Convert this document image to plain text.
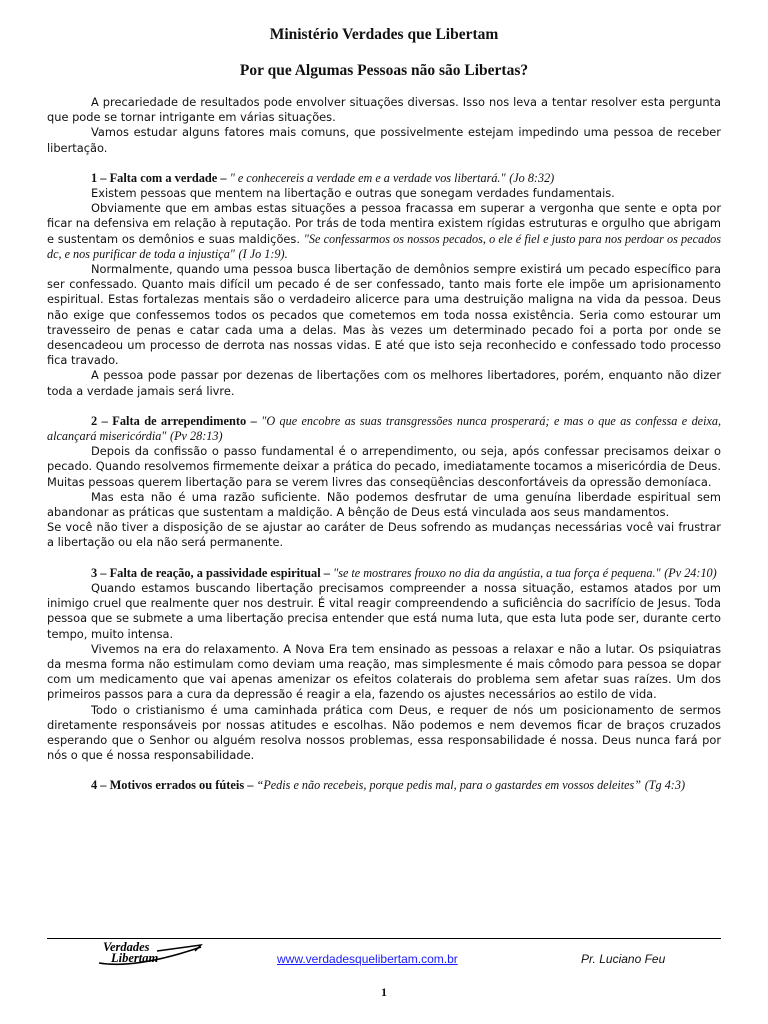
Ministério Verdades que Libertam
Por que Algumas Pessoas não são Libertas?

A precariedade de resultados pode envolver situações diversas. Isso nos leva a tentar resolver esta pergunta que pode se tornar intrigante em várias situações.

Vamos estudar alguns fatores mais comuns, que possivelmente estejam impedindo uma pessoa de receber libertação.

1 – Falta com a verdade – " e conhecereis a verdade em e a verdade vos libertará." (Jo 8:32)

Existem pessoas que mentem na libertação e outras que sonegam verdades fundamentais.

Obviamente que em ambas estas situações a pessoa fracassa em superar a vergonha que sente e opta por ficar na defensiva em relação à reputação. Por trás de toda mentira existem rígidas estruturas e orgulho que abrigam e sustentam os demônios e suas maldições. "Se confessarmos os nossos pecados, o ele é fiel e justo para nos perdoar os pecados dc, e nos purificar de toda a injustiça" (I Jo 1:9).

Normalmente, quando uma pessoa busca libertação de demônios sempre existirá um pecado específico para ser confessado. Quanto mais difícil um pecado é de ser confessado, tanto mais forte ele impõe um aprisionamento espiritual. Estas fortalezas mentais são o verdadeiro alicerce para uma destruição maligna na vida da pessoa. Deus não exige que confessemos todos os pecados que cometemos em toda nossa existência. Seria como estourar um travesseiro de penas e catar cada uma a delas. Mas às vezes um determinado pecado foi a porta por onde se desencadeou um processo de derrota nas nossas vidas. E até que isto seja reconhecido e confessado todo processo fica travado.

A pessoa pode passar por dezenas de libertações com os melhores libertadores, porém, enquanto não dizer toda a verdade jamais será livre.

2 – Falta de arrependimento – "O que encobre as suas transgressões nunca prosperará; e mas o que as confessa e deixa, alcançará misericórdia" (Pv 28:13)

Depois da confissão o passo fundamental é o arrependimento, ou seja, após confessar precisamos deixar o pecado. Quando resolvemos firmemente deixar a prática do pecado, imediatamente tocamos a misericórdia de Deus. Muitas pessoas querem libertação para se verem livres das conseqüências desconfortáveis da opressão demoníaca.

Mas esta não é uma razão suficiente. Não podemos desfrutar de uma genuína liberdade espiritual sem abandonar as práticas que sustentam a maldição. A bênção de Deus está vinculada aos seus mandamentos.

Se você não tiver a disposição de se ajustar ao caráter de Deus sofrendo as mudanças necessárias você vai frustrar a libertação ou ela não será permanente.

3 – Falta de reação, a passividade espiritual – "se te mostrares frouxo no dia da angústia, a tua força é pequena." (Pv 24:10)

Quando estamos buscando libertação precisamos compreender a nossa situação, estamos atados por um inimigo cruel que realmente quer nos destruir. É vital reagir compreendendo a suficiência do sacrifício de Jesus. Toda pessoa que se submete a uma libertação precisa entender que está numa luta, que esta luta pode ser, durante certo tempo, muito intensa.

Vivemos na era do relaxamento. A Nova Era tem ensinado as pessoas a relaxar e não a lutar. Os psiquiatras da mesma forma não estimulam como deviam uma reação, mas simplesmente é mais cômodo para pessoa se dopar com um medicamento que vai apenas amenizar os efeitos colaterais do problema sem afetar suas raízes. Um dos primeiros passos para a cura da depressão é reagir a ela, fazendo os ajustes necessários ao estilo de vida.

Todo o cristianismo é uma caminhada prática com Deus, e requer de nós um posicionamento de sermos diretamente responsáveis por nossas atitudes e escolhas. Não podemos e nem devemos ficar de braços cruzados esperando que o Senhor ou alguém resolva nossos problemas, essa responsabilidade é nossa. Deus nunca fará por nós o que é nossa responsabilidade.

4 – Motivos errados ou fúteis – “Pedis e não recebeis, porque pedis mal, para o gastardes em vossos deleites” (Tg 4:3)

Verdades
Libertam	www.verdadesquelibertam.com.br	Pr. Luciano Feu
1
